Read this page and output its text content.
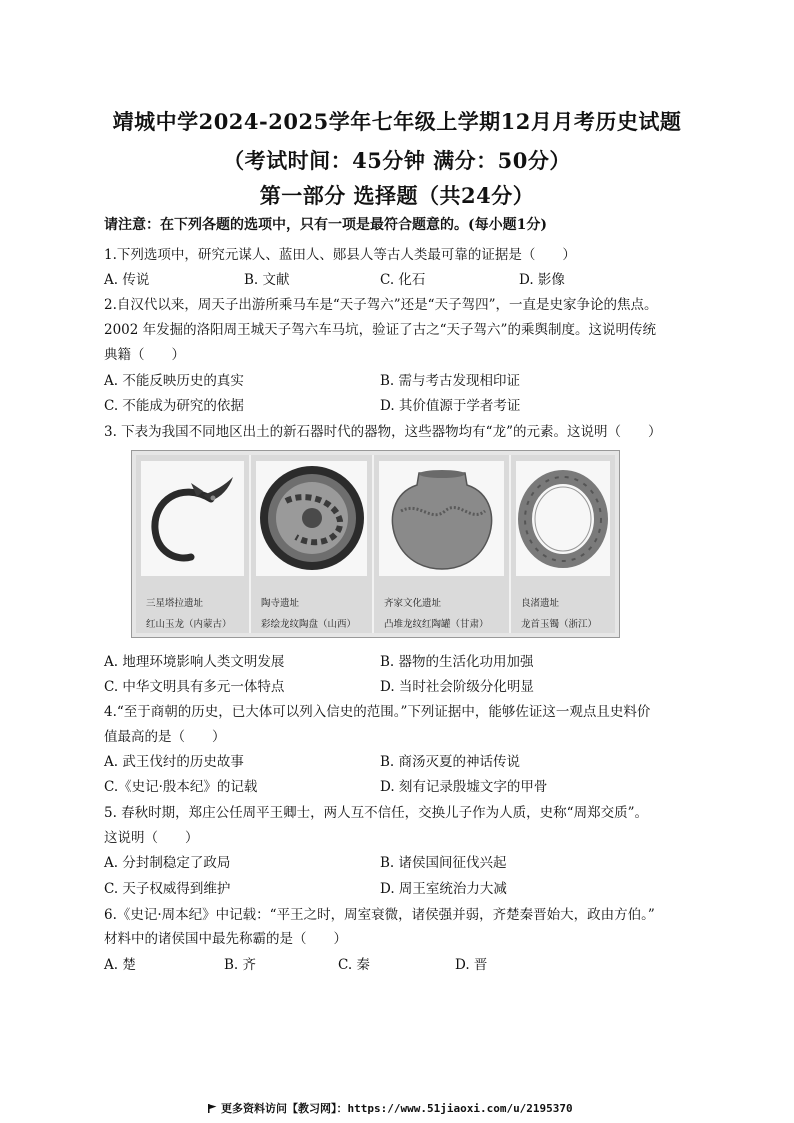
靖城中学2024-2025学年七年级上学期12月月考历史试题
（考试时间：45分钟 满分：50分）
第一部分 选择题（共24分）
请注意：在下列各题的选项中，只有一项是最符合题意的。(每小题1分)
1.下列选项中，研究元谋人、蓝田人、郧县人等古人类最可靠的证据是（　　）
A. 传说	B. 文献	C. 化石	D. 影像
2.自汉代以来，周天子出游所乘马车是“天子驾六”还是“天子驾四”，一直是史家争论的焦点。
2002 年发掘的洛阳周王城天子驾六车马坑，验证了古之“天子驾六”的乘舆制度。这说明传统
典籍（　　）
A. 不能反映历史的真实	B. 需与考古发现相印证
C. 不能成为研究的依据	D. 其价值源于学者考证
3. 下表为我国不同地区出土的新石器时代的器物，这些器物均有“龙”的元素。这说明（　　）
三星塔拉遗址
红山玉龙（内蒙古）
陶寺遗址
彩绘龙纹陶盘（山西）
齐家文化遗址
凸堆龙纹红陶罐（甘肃）
良渚遗址
龙首玉镯（浙江）
A. 地理环境影响人类文明发展	B. 器物的生活化功用加强
C. 中华文明具有多元一体特点	D. 当时社会阶级分化明显
4.“至于商朝的历史，已大体可以列入信史的范围。”下列证据中，能够佐证这一观点且史料价
值最高的是（　　）
A. 武王伐纣的历史故事	B. 商汤灭夏的神话传说
C.《史记·殷本纪》的记载	D. 刻有记录殷墟文字的甲骨
5. 春秋时期，郑庄公任周平王卿士，两人互不信任，交换儿子作为人质，史称“周郑交质”。
这说明（　　）
A. 分封制稳定了政局	B. 诸侯国间征伐兴起
C. 天子权威得到维护	D. 周王室统治力大减
6.《史记·周本纪》中记载：“平王之时，周室衰微，诸侯强并弱，齐楚秦晋始大，政由方伯。”
材料中的诸侯国中最先称霸的是（　　）
A. 楚	B. 齐	C. 秦	D. 晋
更多资料访问【教习网】：https://www.51jiaoxi.com/u/2195370
